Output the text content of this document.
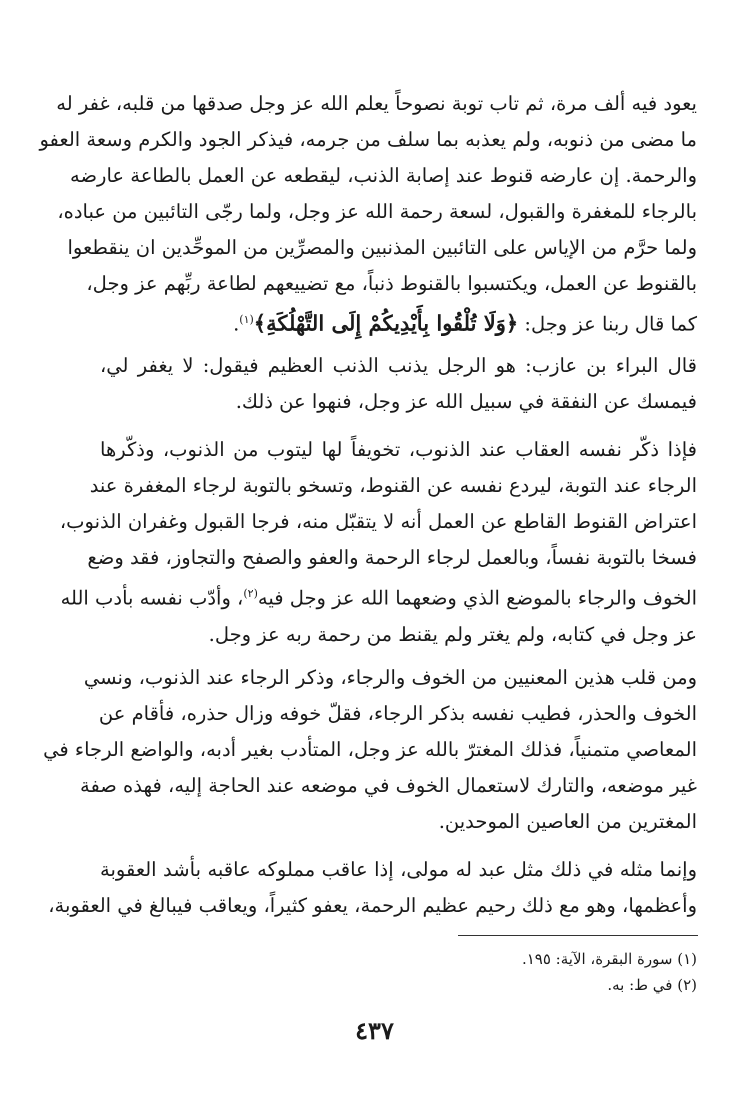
يعود فيه ألف مرة، ثم تاب توبة نصوحاً يعلم الله عز وجل صدقها من قلبه، غفر له
ما مضى من ذنوبه، ولم يعذبه بما سلف من جرمه، فيذكر الجود والكرم وسعة العفو
والرحمة. إن عارضه قنوط عند إصابة الذنب، ليقطعه عن العمل بالطاعة عارضه
بالرجاء للمغفرة والقبول، لسعة رحمة الله عز وجل، ولما رجّى التائبين من عباده،
ولما حرَّم من الإياس على التائبين المذنبين والمصرِّين من الموحِّدين ان ينقطعوا
بالقنوط عن العمل، ويكتسبوا بالقنوط ذنباً، مع تضييعهم لطاعة ربِّهم عز وجل،
كما قال ربنا عز وجل: ﴿وَلَا تُلْقُوا بِأَيْدِيكُمْ إِلَى التَّهْلُكَةِ﴾$^{(١)}$.
قال البراء بن عازب: هو الرجل يذنب الذنب العظيم فيقول: لا يغفر لي،
فيمسك عن النفقة في سبيل الله عز وجل، فنهوا عن ذلك.
فإذا ذكّر نفسه العقاب عند الذنوب، تخويفاً لها ليتوب من الذنوب، وذكّرها
الرجاء عند التوبة، ليردع نفسه عن القنوط، وتسخو بالتوبة لرجاء المغفرة عند
اعتراض القنوط القاطع عن العمل أنه لا يتقبّل منه، فرجا القبول وغفران الذنوب،
فسخا بالتوبة نفساً، وبالعمل لرجاء الرحمة والعفو والصفح والتجاوز، فقد وضع
الخوف والرجاء بالموضع الذي وضعهما الله عز وجل فيه$^{(٢)}$، وأدّب نفسه بأدب الله
عز وجل في كتابه، ولم يغتر ولم يقنط من رحمة ربه عز وجل.
ومن قلب هذين المعنيين من الخوف والرجاء، وذكر الرجاء عند الذنوب، ونسي
الخوف والحذر، فطيب نفسه بذكر الرجاء، فقلّ خوفه وزال حذره، فأقام عن
المعاصي متمنياً، فذلك المغترّ بالله عز وجل، المتأدب بغير أدبه، والواضع الرجاء في
غير موضعه، والتارك لاستعمال الخوف في موضعه عند الحاجة إليه، فهذه صفة
المغترين من العاصين الموحدين.
وإنما مثله في ذلك مثل عبد له مولى، إذا عاقب مملوكه عاقبه بأشد العقوبة
وأعظمها، وهو مع ذلك رحيم عظيم الرحمة، يعفو كثيراً، ويعاقب فيبالغ في العقوبة،
(١) سورة البقرة، الآية: ١٩٥.
(٢) في ط: به.
٤٣٧
